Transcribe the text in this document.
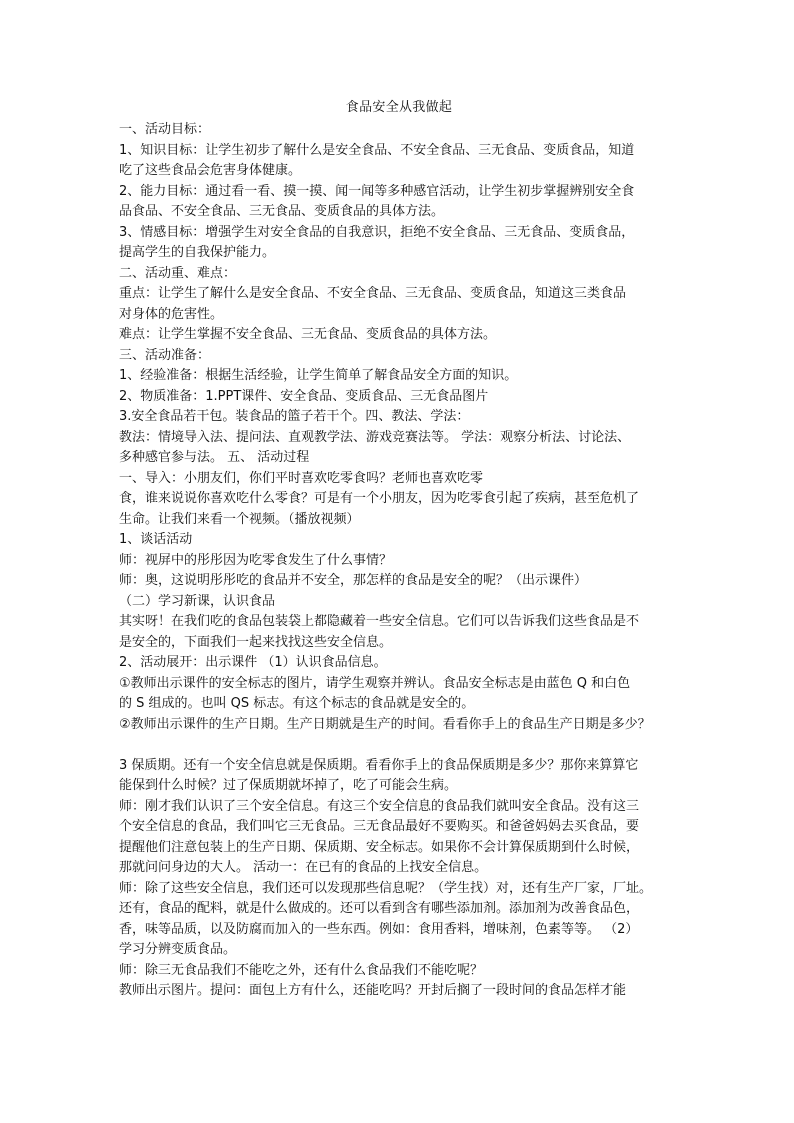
食品安全从我做起
一、活动目标：
1、知识目标：让学生初步了解什么是安全食品、不安全食品、三无食品、变质食品，知道
吃了这些食品会危害身体健康。
2、能力目标：通过看一看、摸一摸、闻一闻等多种感官活动，让学生初步掌握辨别安全食
品食品、不安全食品、三无食品、变质食品的具体方法。
3、情感目标：增强学生对安全食品的自我意识，拒绝不安全食品、三无食品、变质食品，
提高学生的自我保护能力。
二、活动重、难点：
重点：让学生了解什么是安全食品、不安全食品、三无食品、变质食品，知道这三类食品
对身体的危害性。
难点：让学生掌握不安全食品、三无食品、变质食品的具体方法。
三、活动准备：
1、经验准备：根据生活经验，让学生简单了解食品安全方面的知识。
2、物质准备：1.PPT课件、安全食品、变质食品、三无食品图片
3.安全食品若干包。装食品的篮子若干个。四、教法、学法：
教法：情境导入法、提问法、直观教学法、游戏竞赛法等。 学法：观察分析法、讨论法、
多种感官参与法。 五、 活动过程
一、导入：小朋友们，你们平时喜欢吃零食吗？老师也喜欢吃零
食，谁来说说你喜欢吃什么零食？可是有一个小朋友，因为吃零食引起了疾病，甚至危机了
生命。让我们来看一个视频。（播放视频）
1、谈话活动
师：视屏中的彤彤因为吃零食发生了什么事情？
师：奥，这说明彤彤吃的食品并不安全，那怎样的食品是安全的呢？（出示课件）
（二）学习新课，认识食品
其实呀！在我们吃的食品包装袋上都隐藏着一些安全信息。它们可以告诉我们这些食品是不
是安全的，下面我们一起来找找这些安全信息。
2、活动展开：出示课件 （1）认识食品信息。
①教师出示课件的安全标志的图片，请学生观察并辨认。食品安全标志是由蓝色 Q 和白色
的 S 组成的。也叫 QS 标志。有这个标志的食品就是安全的。
②教师出示课件的生产日期。生产日期就是生产的时间。看看你手上的食品生产日期是多少？
3 保质期。还有一个安全信息就是保质期。看看你手上的食品保质期是多少？那你来算算它
能保到什么时候？过了保质期就坏掉了，吃了可能会生病。
师：刚才我们认识了三个安全信息。有这三个安全信息的食品我们就叫安全食品。没有这三
个安全信息的食品，我们叫它三无食品。三无食品最好不要购买。和爸爸妈妈去买食品，要
提醒他们注意包装上的生产日期、保质期、安全标志。如果你不会计算保质期到什么时候，
那就问问身边的大人。 活动一：在已有的食品的上找安全信息。
师：除了这些安全信息，我们还可以发现那些信息呢？（学生找）对，还有生产厂家，厂址。
还有，食品的配料，就是什么做成的。还可以看到含有哪些添加剂。添加剂为改善食品色，
香，味等品质，以及防腐而加入的一些东西。例如：食用香料，增味剂，色素等等。 （2）
学习分辨变质食品。
师：除三无食品我们不能吃之外，还有什么食品我们不能吃呢？
教师出示图片。提问：面包上方有什么，还能吃吗？开封后搁了一段时间的食品怎样才能
